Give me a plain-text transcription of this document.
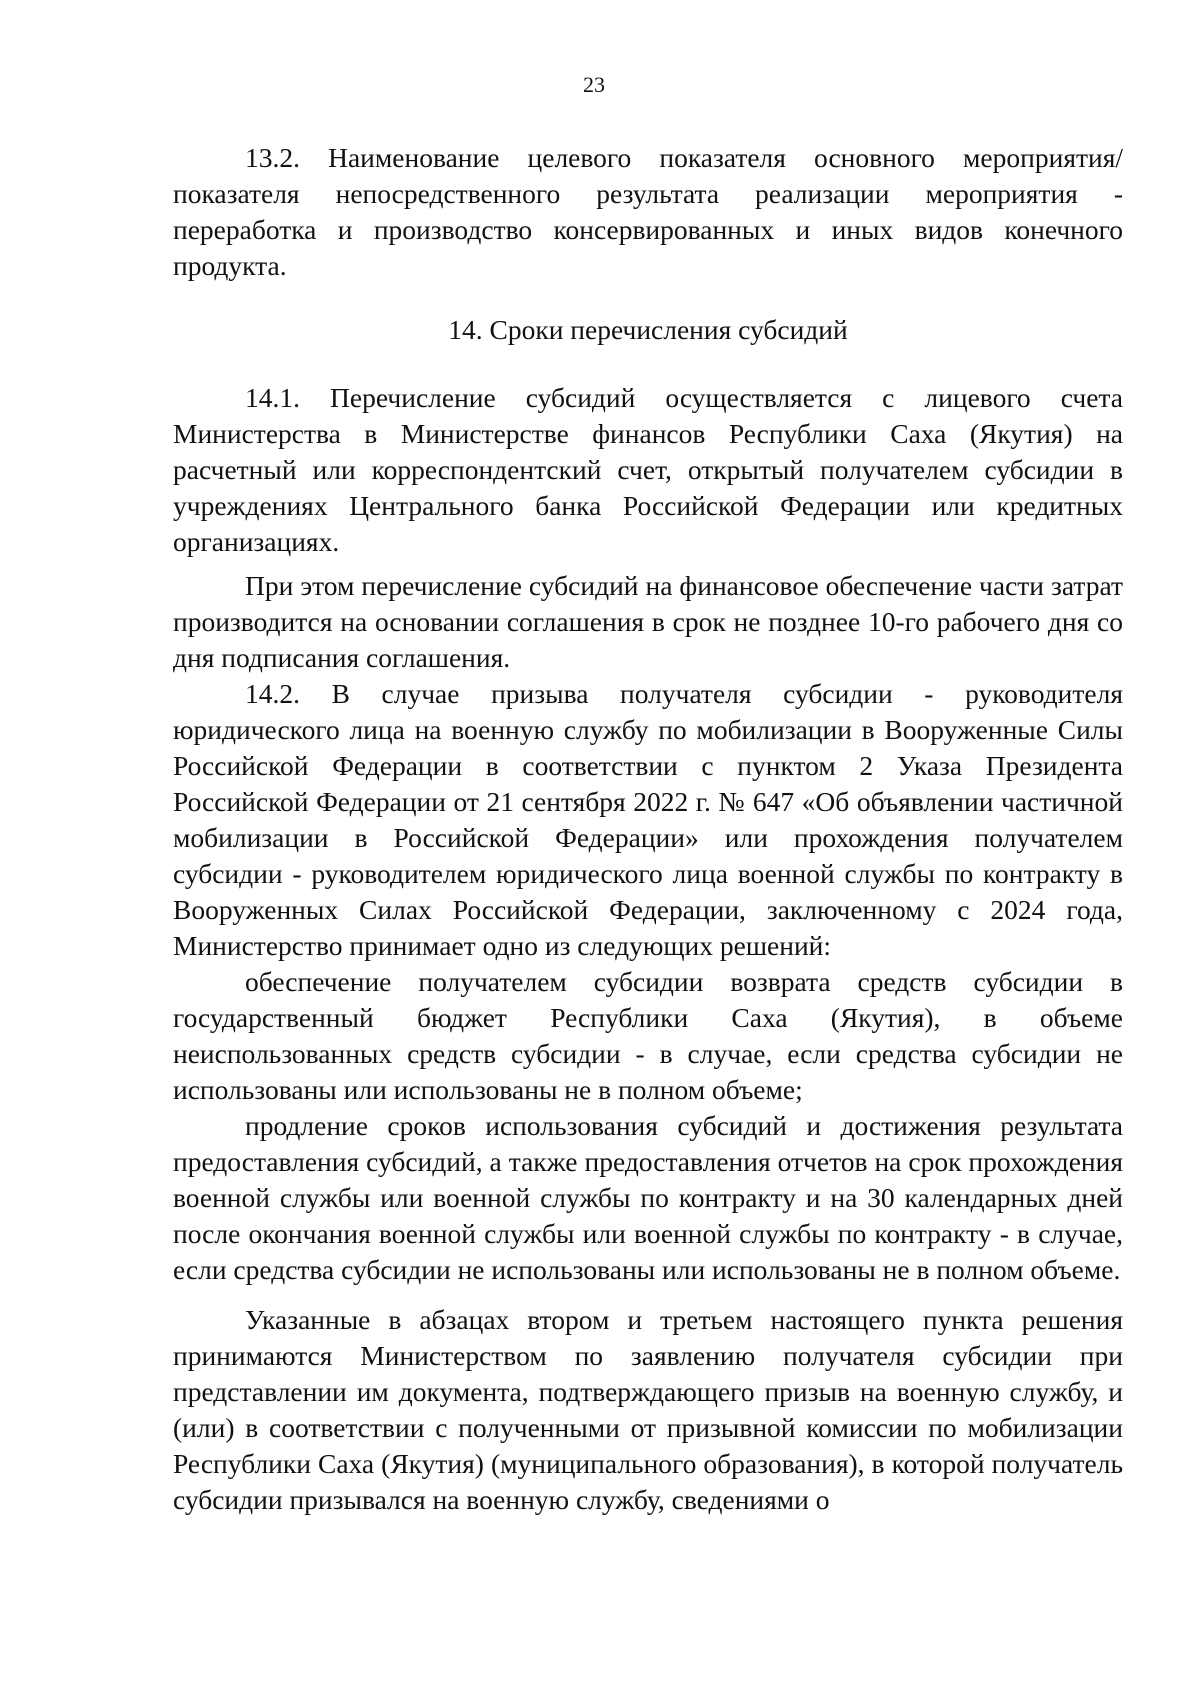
23

13.2. Наименование целевого показателя основного мероприятия/показателя непосредственного результата реализации мероприятия - переработка и производство консервированных и иных видов конечного продукта.

14. Сроки перечисления субсидий

14.1. Перечисление субсидий осуществляется с лицевого счета Министерства в Министерстве финансов Республики Саха (Якутия) на расчетный или корреспондентский счет, открытый получателем субсидии в учреждениях Центрального банка Российской Федерации или кредитных организациях.

При этом перечисление субсидий на финансовое обеспечение части затрат производится на основании соглашения в срок не позднее 10-го рабочего дня со дня подписания соглашения.

14.2. В случае призыва получателя субсидии - руководителя юридического лица на военную службу по мобилизации в Вооруженные Силы Российской Федерации в соответствии с пунктом 2 Указа Президента Российской Федерации от 21 сентября 2022 г. № 647 «Об объявлении частичной мобилизации в Российской Федерации» или прохождения получателем субсидии - руководителем юридического лица военной службы по контракту в Вооруженных Силах Российской Федерации, заключенному с 2024 года, Министерство принимает одно из следующих решений:

обеспечение получателем субсидии возврата средств субсидии в государственный бюджет Республики Саха (Якутия), в объеме неиспользованных средств субсидии - в случае, если средства субсидии не использованы или использованы не в полном объеме;

продление сроков использования субсидий и достижения результата предоставления субсидий, а также предоставления отчетов на срок прохождения военной службы или военной службы по контракту и на 30 календарных дней после окончания военной службы или военной службы по контракту - в случае, если средства субсидии не использованы или использованы не в полном объеме.

Указанные в абзацах втором и третьем настоящего пункта решения принимаются Министерством по заявлению получателя субсидии при представлении им документа, подтверждающего призыв на военную службу, и (или) в соответствии с полученными от призывной комиссии по мобилизации Республики Саха (Якутия) (муниципального образования), в которой получатель субсидии призывался на военную службу, сведениями о
